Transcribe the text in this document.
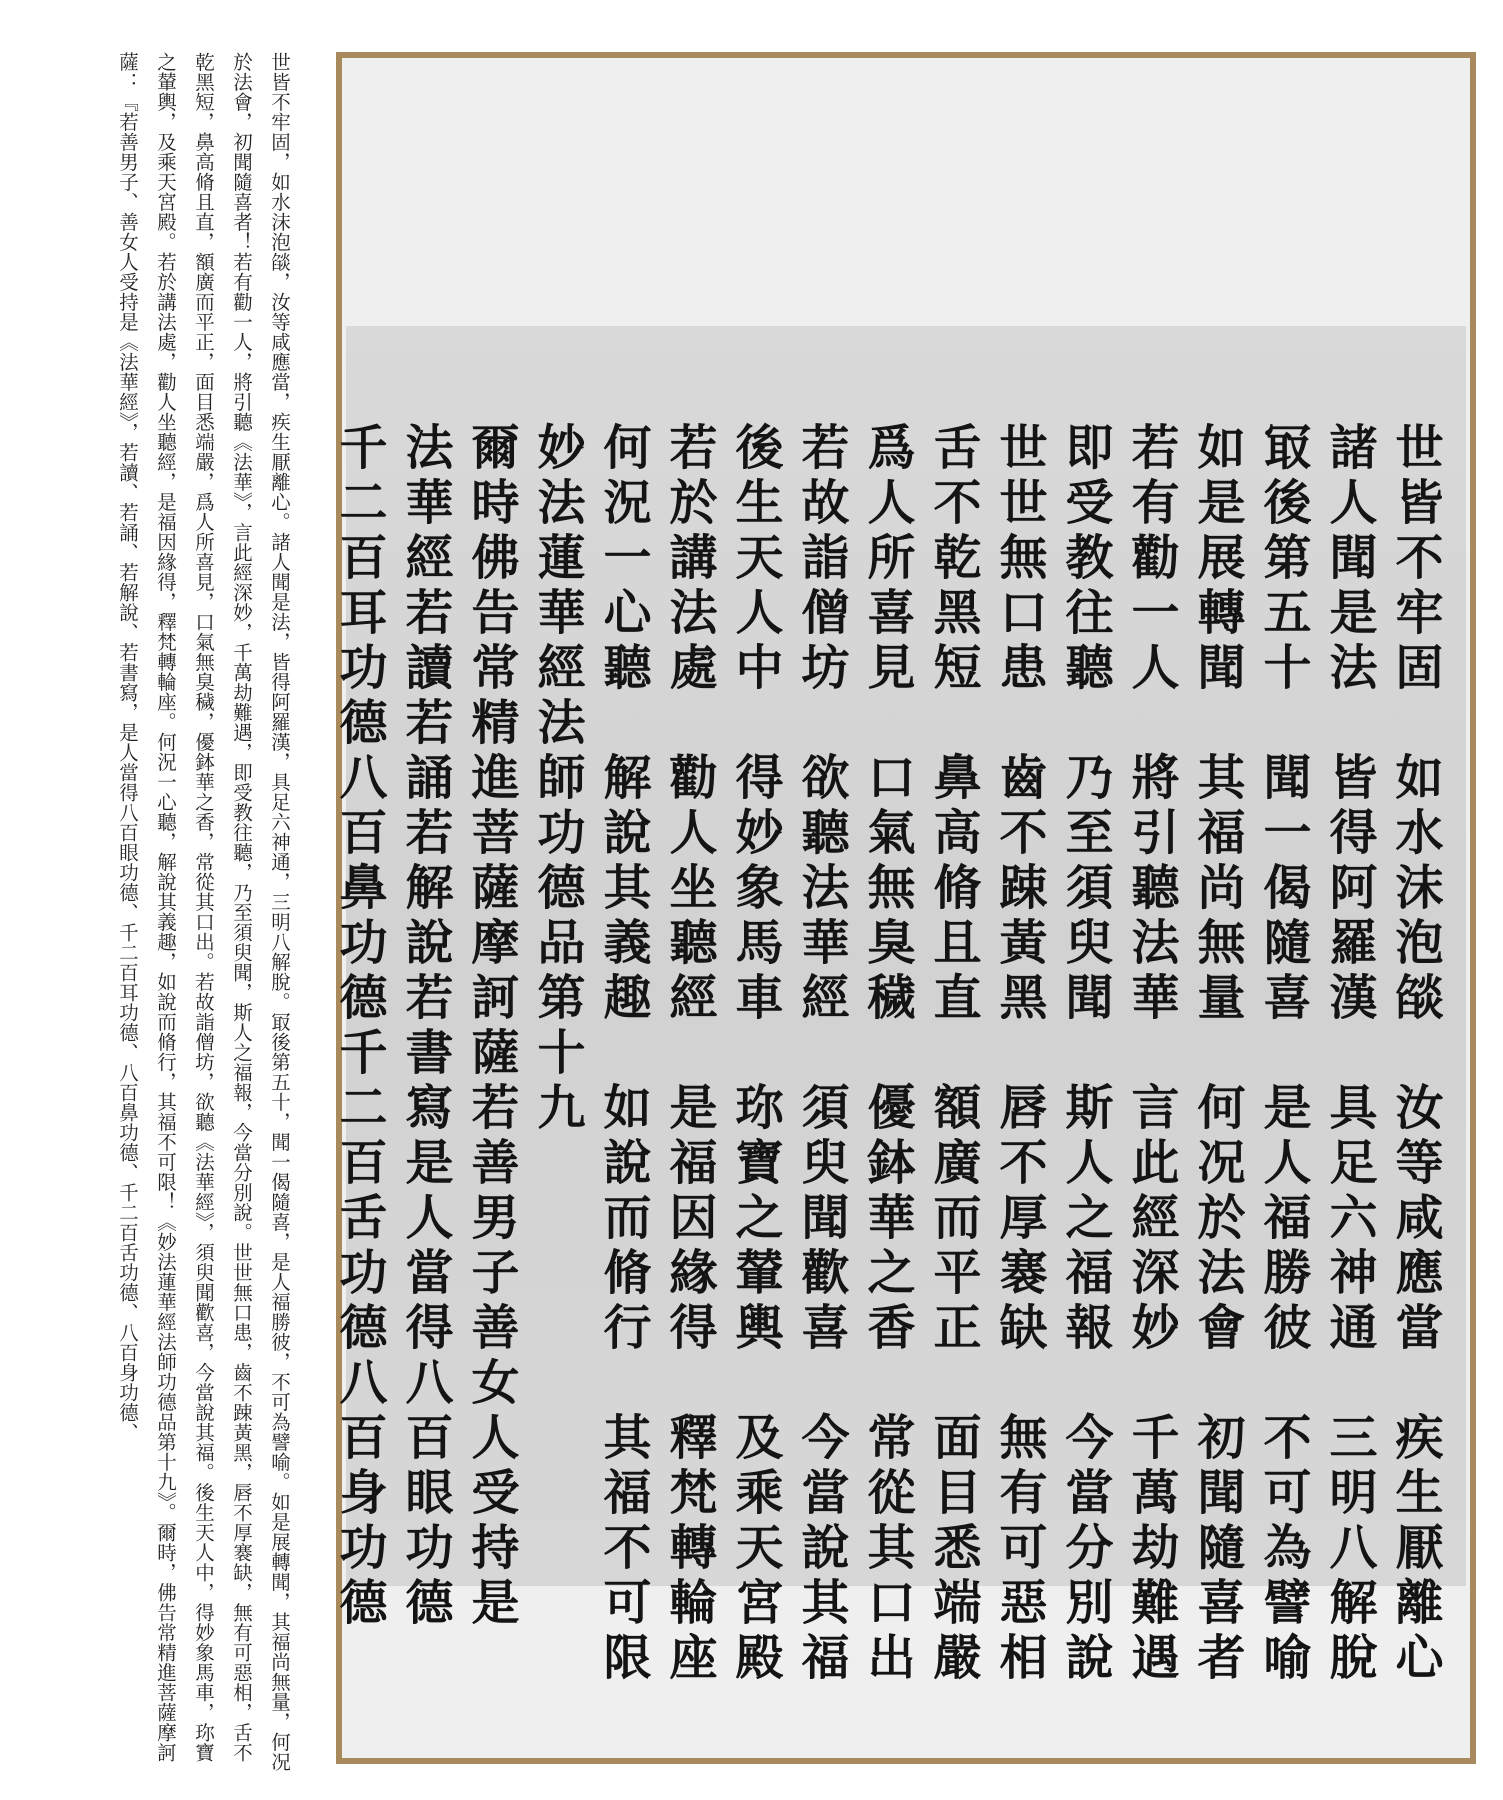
世皆不牢固，如水沫泡燄，汝等咸應當，疾生厭離心。諸人聞是法，皆得阿羅漢，具足六神通，三明八解脫。冣後第五十，聞一偈隨喜，是人福勝彼，不可為譬喻。如是展轉聞，其福尚無量，何况於法會，初聞隨喜者！若有勸一人，將引聽《法華》，言此經深妙，千萬劫難遇，即受教往聽，乃至須臾聞，斯人之福報，今當分別說。世世無口患，齒不踈黃黑，唇不厚褰缺，無有可惡相，舌不乾黑短，鼻高脩且直，額廣而平正，面目悉端嚴，爲人所喜見，口氣無臭穢，優鉢華之香，常從其口出。若故詣僧坊，欲聽《法華經》，須臾聞歡喜，今當說其福。後生天人中，得妙象馬車，珎寶之輦輿，及乘天宮殿。若於講法處，勸人坐聽經，是福因緣得，釋梵轉輪座。何況一心聽，解說其義趣，如說而脩行，其福不可限！《妙法蓮華經法師功德品第十九》。爾時，佛告常精進菩薩摩訶薩：『若善男子、善女人受持是《法華經》，若讀、若誦、若解說、若書寫，是人當得八百眼功德、千二百耳功德、八百鼻功德、千二百舌功德、八百身功德、	世皆不牢固　如水沫泡燄　汝等咸應當　疾生厭離心
諸人聞是法　皆得阿羅漢　具足六神通　三明八解脫
冣後第五十　聞一偈隨喜　是人福勝彼　不可為譬喻
如是展轉聞　其福尚無量　何况於法會　初聞隨喜者
若有勸一人　將引聽法華　言此經深妙　千萬劫難遇
即受教往聽　乃至須臾聞　斯人之福報　今當分別說
世世無口患　齒不踈黃黑　唇不厚褰缺　無有可惡相
舌不乾黑短　鼻高脩且直　額廣而平正　面目悉端嚴
爲人所喜見　口氣無臭穢　優鉢華之香　常從其口出
若故詣僧坊　欲聽法華經　須臾聞歡喜　今當說其福
後生天人中　得妙象馬車　珎寶之輦輿　及乘天宮殿
若於講法處　勸人坐聽經　是福因緣得　釋梵轉輪座
何況一心聽　解說其義趣　如說而脩行　其福不可限
妙法蓮華經法師功德品第十九
爾時佛告常精進菩薩摩訶薩若善男子善女人受持是
法華經若讀若誦若解說若書寫是人當得八百眼功德
千二百耳功德八百鼻功德千二百舌功德八百身功德
